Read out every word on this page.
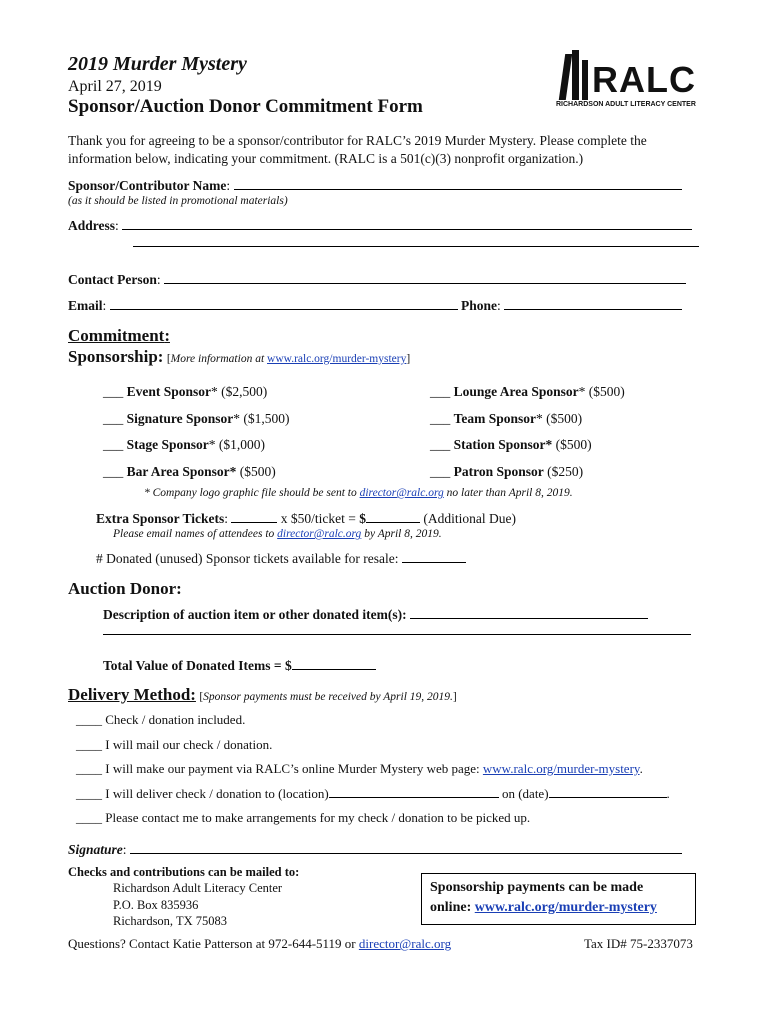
2019 Murder Mystery
April 27, 2019
Sponsor/Auction Donor Commitment Form
RALC
RICHARDSON ADULT LITERACY CENTER
Thank you for agreeing to be a sponsor/contributor for RALC’s 2019 Murder Mystery. Please complete the information below, indicating your commitment. (RALC is a 501(c)(3) nonprofit organization.)
Sponsor/Contributor Name:
(as it should be listed in promotional materials)
Address:
Contact Person:
Email:	Phone:
Commitment:
Sponsorship: [More information at www.ralc.org/murder-mystery]
___ Event Sponsor* ($2,500)
___ Signature Sponsor* ($1,500)
___ Stage Sponsor* ($1,000)
___ Bar Area Sponsor* ($500)
___ Lounge Area Sponsor* ($500)
___ Team Sponsor* ($500)
___ Station Sponsor* ($500)
___ Patron Sponsor ($250)
* Company logo graphic file should be sent to director@ralc.org no later than April 8, 2019.
Extra Sponsor Tickets:	x $50/ticket = $	(Additional Due)
Please email names of attendees to director@ralc.org by April 8, 2019.
# Donated (unused) Sponsor tickets available for resale:
Auction Donor:
Description of auction item or other donated item(s):
Total Value of Donated Items = $
Delivery Method: [Sponsor payments must be received by April 19, 2019.]
____ Check / donation included.
____ I will mail our check / donation.
____ I will make our payment via RALC’s online Murder Mystery web page: www.ralc.org/murder-mystery.
____ I will deliver check / donation to (location)	on (date)	.
____ Please contact me to make arrangements for my check / donation to be picked up.
Signature:
Checks and contributions can be mailed to:
Richardson Adult Literacy Center
P.O. Box 835936
Richardson, TX 75083
Sponsorship payments can be made online: www.ralc.org/murder-mystery
Questions? Contact Katie Patterson at 972-644-5119 or director@ralc.org	Tax ID# 75-2337073
